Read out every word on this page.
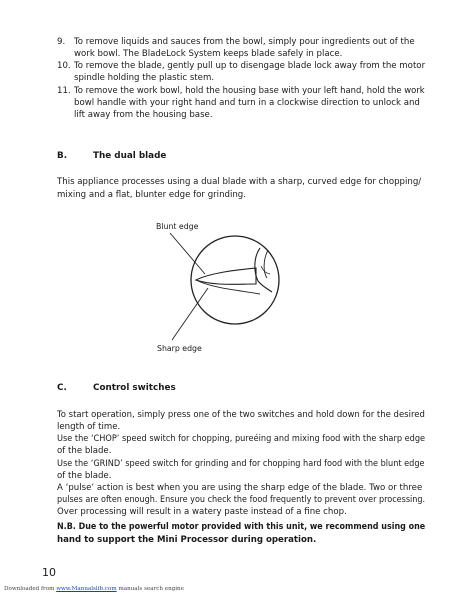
9. To remove liquids and sauces from the bowl, simply pour ingredients out of the
work bowl. The BladeLock System keeps blade safely in place.
10. To remove the blade, gently pull up to disengage blade lock away from the motor
spindle holding the plastic stem.
11. To remove the work bowl, hold the housing base with your left hand, hold the work
bowl handle with your right hand and turn in a clockwise direction to unlock and
lift away from the housing base.
B.	The dual blade
This appliance processes using a dual blade with a sharp, curved edge for chopping/
mixing and a flat, blunter edge for grinding.
Blunt edge
Sharp edge
C.	Control switches
To start operation, simply press one of the two switches and hold down for the desired
length of time.
Use the ‘CHOP’ speed switch for chopping, pureéing and mixing food with the sharp edge
of the blade.
Use the ‘GRIND’ speed switch for grinding and for chopping hard food with the blunt edge
of the blade.
A ‘pulse’ action is best when you are using the sharp edge of the blade. Two or three
pulses are often enough. Ensure you check the food frequently to prevent over processing.
Over processing will result in a watery paste instead of a fine chop.
N.B. Due to the powerful motor provided with this unit, we recommend using one
hand to support the Mini Processor during operation.
10
Downloaded from www.Manualslib.com manuals search engine
